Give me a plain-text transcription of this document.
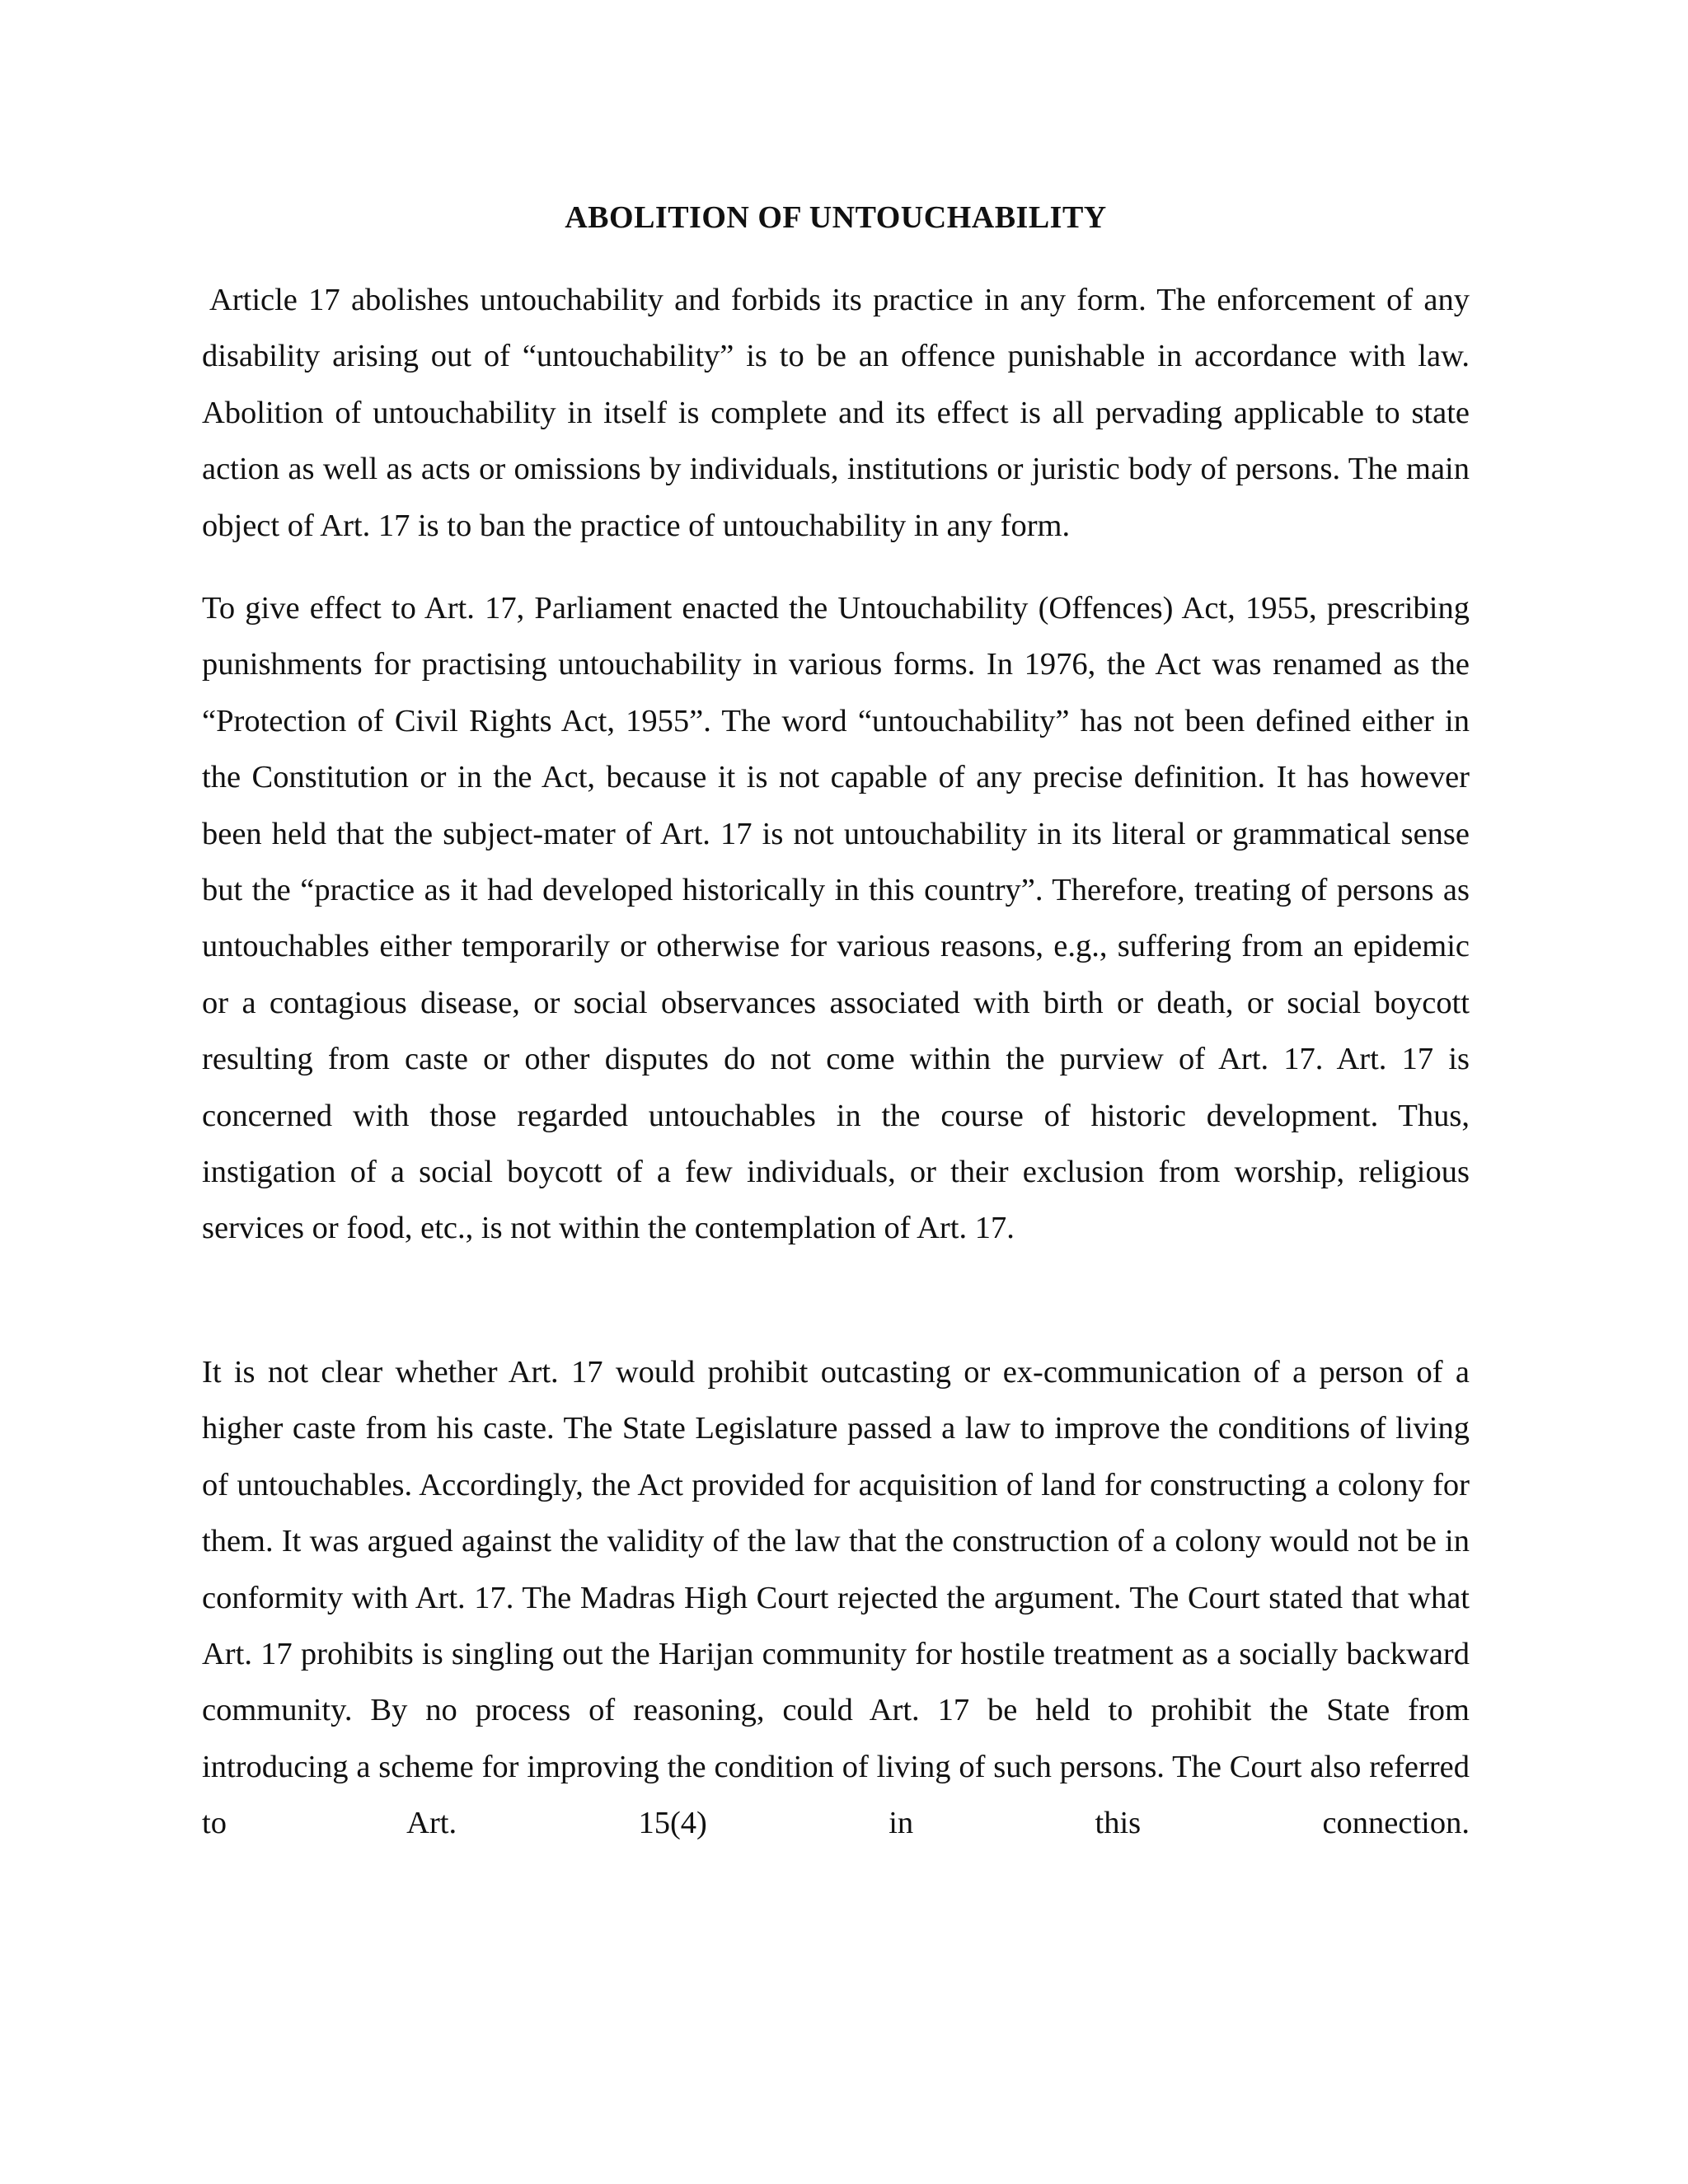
ABOLITION OF UNTOUCHABILITY

Article 17 abolishes untouchability and forbids its practice in any form. The enforcement of any disability arising out of “untouchability” is to be an offence punishable in accordance with law. Abolition of untouchability in itself is complete and its effect is all pervading applicable to state action as well as acts or omissions by individuals, institutions or juristic body of persons. The main object of Art. 17 is to ban the practice of untouchability in any form.

To give effect to Art. 17, Parliament enacted the Untouchability (Offences) Act, 1955, prescribing punishments for practising untouchability in various forms. In 1976, the Act was renamed as the “Protection of Civil Rights Act, 1955”. The word “untouchability” has not been defined either in the Constitution or in the Act, because it is not capable of any precise definition. It has however been held that the subject-mater of Art. 17 is not untouchability in its literal or grammatical sense but the “practice as it had developed historically in this country”. Therefore, treating of persons as untouchables either temporarily or otherwise for various reasons, e.g., suffering from an epidemic or a contagious disease, or social observances associated with birth or death, or social boycott resulting from caste or other disputes do not come within the purview of Art. 17. Art. 17 is concerned with those regarded untouchables in the course of historic development. Thus, instigation of a social boycott of a few individuals, or their exclusion from worship, religious services or food, etc., is not within the contemplation of Art. 17.

It is not clear whether Art. 17 would prohibit outcasting or ex-communication of a person of a higher caste from his caste. The State Legislature passed a law to improve the conditions of living of untouchables. Accordingly, the Act provided for acquisition of land for constructing a colony for them. It was argued against the validity of the law that the construction of a colony would not be in conformity with Art. 17. The Madras High Court rejected the argument. The Court stated that what Art. 17 prohibits is singling out the Harijan community for hostile treatment as a socially backward community. By no process of reasoning, could Art. 17 be held to prohibit the State from introducing a scheme for improving the condition of living of such persons. The Court also referred to Art. 15(4) in this connection.
